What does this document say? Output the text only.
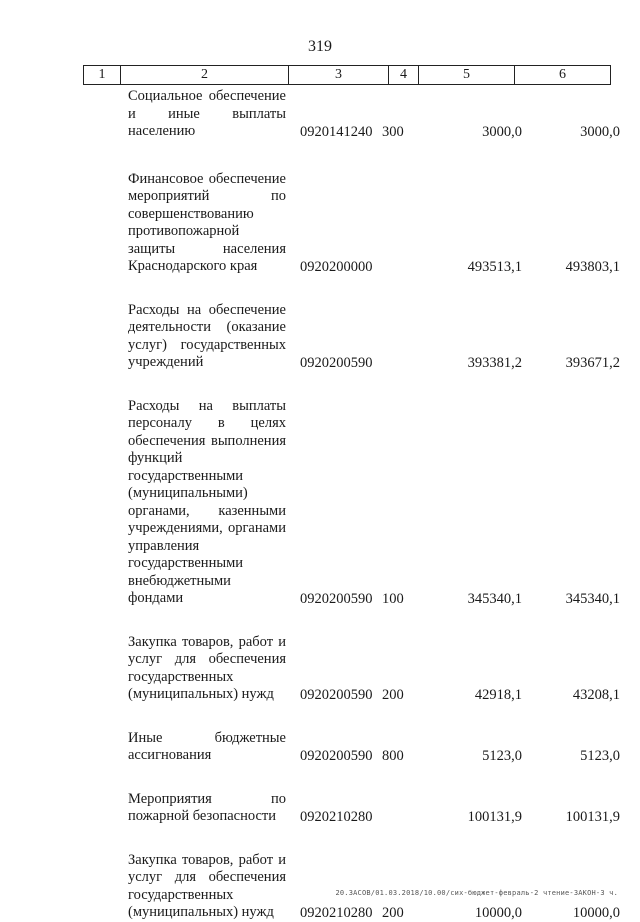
319
1	2	3	4	5	6
Социальное обеспечение и иные выплаты населению	0920141240 300	3000,0	3000,0
Финансовое обеспечение мероприятий по совершенствованию противопожарной защиты населения Краснодарского края	0920200000	493513,1	493803,1
Расходы на обеспечение деятельности (оказание услуг) государственных учреждений	0920200590	393381,2	393671,2
Расходы на выплаты персоналу в целях обеспечения выполнения функций государственными (муниципальными) органами, казенными учреждениями, органами управления государственными внебюджетными фондами	0920200590 100	345340,1	345340,1
Закупка товаров, работ и услуг для обеспечения государственных (муниципальных) нужд	0920200590 200	42918,1	43208,1
Иные бюджетные ассигнования	0920200590 800	5123,0	5123,0
Мероприятия по пожарной безопасности	0920210280	100131,9	100131,9
Закупка товаров, работ и услуг для обеспечения государственных (муниципальных) нужд	0920210280 200	10000,0	10000,0
20.3АСОВ/01.03.2018/10.00/сих-бюджет-февраль-2 чтение-ЗАКОН-3 ч.
